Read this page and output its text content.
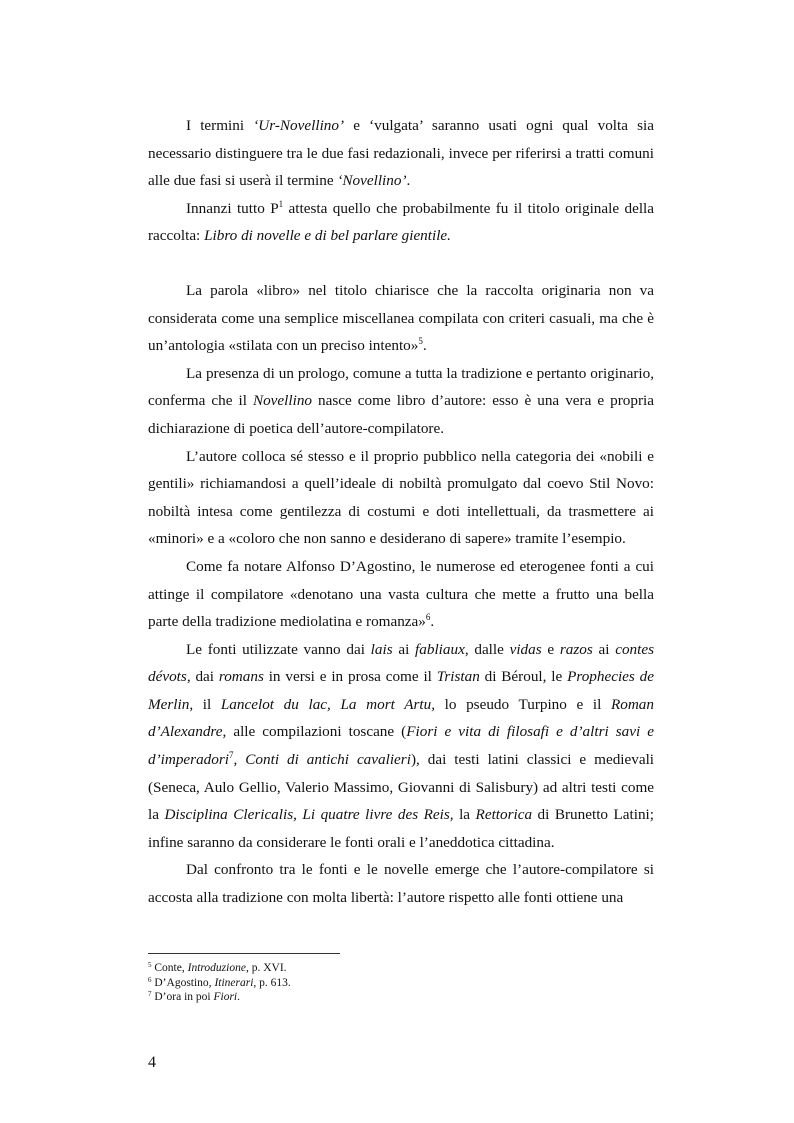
I termini ‘Ur-Novellino’ e ‘vulgata’ saranno usati ogni qual volta sia necessario distinguere tra le due fasi redazionali, invece per riferirsi a tratti comuni alle due fasi si userà il termine ‘Novellino’.

Innanzi tutto $P^1$ attesta quello che probabilmente fu il titolo originale della raccolta: Libro di novelle e di bel parlare gientile.

La parola «libro» nel titolo chiarisce che la raccolta originaria non va considerata come una semplice miscellanea compilata con criteri casuali, ma che è un’antologia «stilata con un preciso intento»$^5$.

La presenza di un prologo, comune a tutta la tradizione e pertanto originario, conferma che il Novellino nasce come libro d’autore: esso è una vera e propria dichiarazione di poetica dell’autore-compilatore.

L’autore colloca sé stesso e il proprio pubblico nella categoria dei «nobili e gentili» richiamandosi a quell’ideale di nobiltà promulgato dal coevo Stil Novo: nobiltà intesa come gentilezza di costumi e doti intellettuali, da trasmettere ai «minori» e a «coloro che non sanno e desiderano di sapere» tramite l’esempio.

Come fa notare Alfonso D’Agostino, le numerose ed eterogenee fonti a cui attinge il compilatore «denotano una vasta cultura che mette a frutto una bella parte della tradizione mediolatina e romanza»$^6$.

Le fonti utilizzate vanno dai lais ai fabliaux, dalle vidas e razos ai contes dévots, dai romans in versi e in prosa come il Tristan di Béroul, le Prophecies de Merlin, il Lancelot du lac, La mort Artu, lo pseudo Turpino e il Roman d’Alexandre, alle compilazioni toscane (Fiori e vita di filosafi e d’altri savi e d’imperadori$^7$, Conti di antichi cavalieri), dai testi latini classici e medievali (Seneca, Aulo Gellio, Valerio Massimo, Giovanni di Salisbury) ad altri testi come la Disciplina Clericalis, Li quatre livre des Reis, la Rettorica di Brunetto Latini; infine saranno da considerare le fonti orali e l’aneddotica cittadina.

Dal confronto tra le fonti e le novelle emerge che l’autore-compilatore si accosta alla tradizione con molta libertà: l’autore rispetto alle fonti ottiene una

$^5$ Conte, Introduzione, p. XVI.

$^6$ D’Agostino, Itinerari, p. 613.

$^7$ D’ora in poi Fiori.

4
